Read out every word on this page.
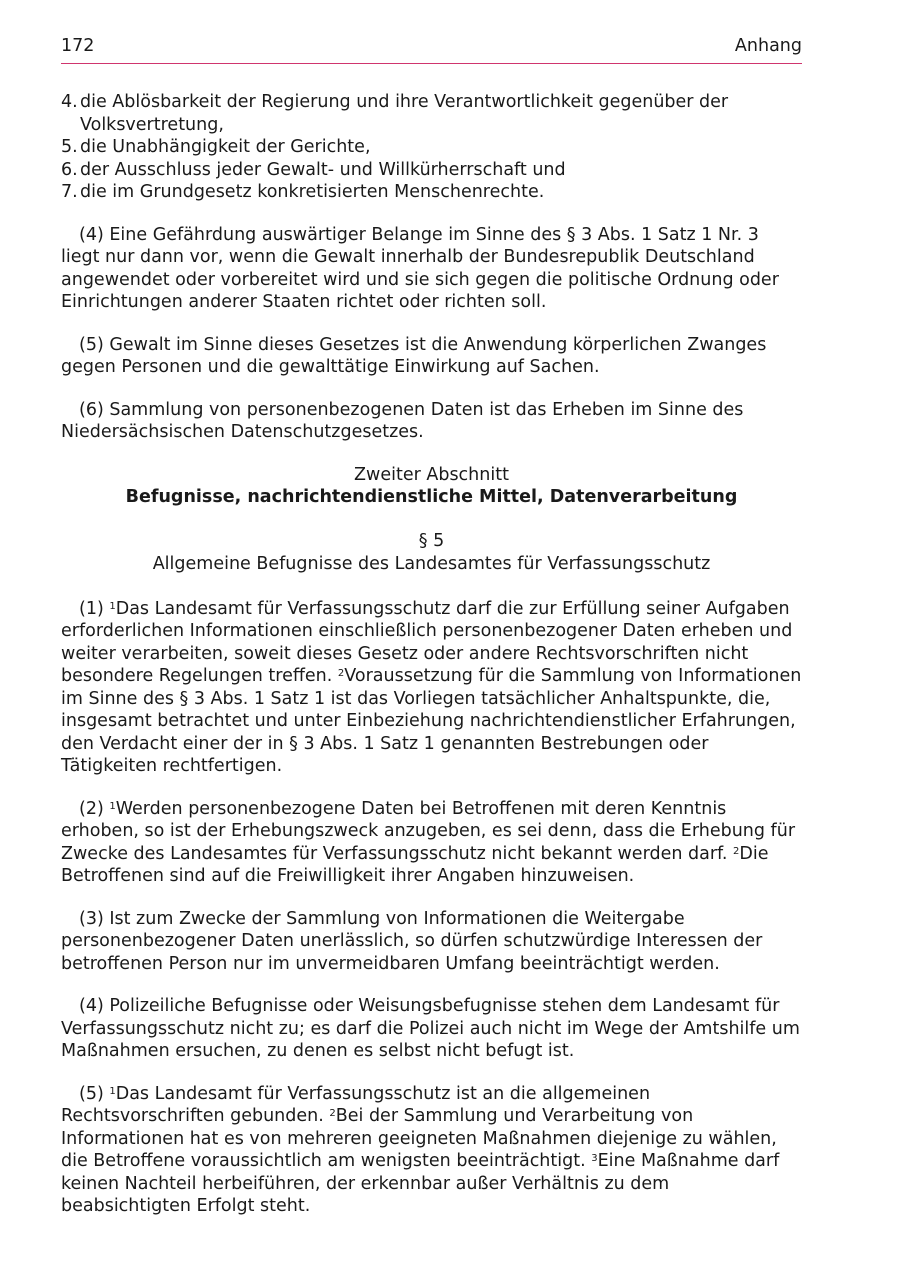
172	Anhang
4. die Ablösbarkeit der Regierung und ihre Verantwortlichkeit gegenüber der Volksvertretung,
5. die Unabhängigkeit der Gerichte,
6. der Ausschluss jeder Gewalt- und Willkürherrschaft und
7. die im Grundgesetz konkretisierten Menschenrechte.

(4) Eine Gefährdung auswärtiger Belange im Sinne des § 3 Abs. 1 Satz 1 Nr. 3 liegt nur dann vor, wenn die Gewalt innerhalb der Bundesrepublik Deutschland angewendet oder vorbereitet wird und sie sich gegen die politische Ordnung oder Einrichtungen anderer Staaten richtet oder richten soll.

(5) Gewalt im Sinne dieses Gesetzes ist die Anwendung körperlichen Zwanges gegen Personen und die gewalttätige Einwirkung auf Sachen.

(6) Sammlung von personenbezogenen Daten ist das Erheben im Sinne des Niedersächsischen Datenschutzgesetzes.

Zweiter Abschnitt
Befugnisse, nachrichtendienstliche Mittel, Datenverarbeitung
§ 5
Allgemeine Befugnisse des Landesamtes für Verfassungsschutz

(1) $^1$Das Landesamt für Verfassungsschutz darf die zur Erfüllung seiner Aufgaben erforderlichen Informationen einschließlich personenbezogener Daten erheben und weiter verarbeiten, soweit dieses Gesetz oder andere Rechtsvorschriften nicht besondere Regelungen treffen. $^2$Voraussetzung für die Sammlung von Informationen im Sinne des § 3 Abs. 1 Satz 1 ist das Vorliegen tatsächlicher Anhaltspunkte, die, insgesamt betrachtet und unter Einbeziehung nachrichtendienstlicher Erfahrungen, den Verdacht einer der in § 3 Abs. 1 Satz 1 genannten Bestrebungen oder Tätigkeiten rechtfertigen.

(2) $^1$Werden personenbezogene Daten bei Betroffenen mit deren Kenntnis erhoben, so ist der Erhebungszweck anzugeben, es sei denn, dass die Erhebung für Zwecke des Landesamtes für Verfassungsschutz nicht bekannt werden darf. $^2$Die Betroffenen sind auf die Freiwilligkeit ihrer Angaben hinzuweisen.

(3) Ist zum Zwecke der Sammlung von Informationen die Weitergabe personenbezogener Daten unerlässlich, so dürfen schutzwürdige Interessen der betroffenen Person nur im unvermeidbaren Umfang beeinträchtigt werden.

(4) Polizeiliche Befugnisse oder Weisungsbefugnisse stehen dem Landesamt für Verfassungsschutz nicht zu; es darf die Polizei auch nicht im Wege der Amtshilfe um Maßnahmen ersuchen, zu denen es selbst nicht befugt ist.

(5) $^1$Das Landesamt für Verfassungsschutz ist an die allgemeinen Rechtsvorschriften gebunden. $^2$Bei der Sammlung und Verarbeitung von Informationen hat es von mehreren geeigneten Maßnahmen diejenige zu wählen, die Betroffene voraussichtlich am wenigsten beeinträchtigt. $^3$Eine Maßnahme darf keinen Nachteil herbeiführen, der erkennbar außer Verhältnis zu dem beabsichtigten Erfolgt steht.
